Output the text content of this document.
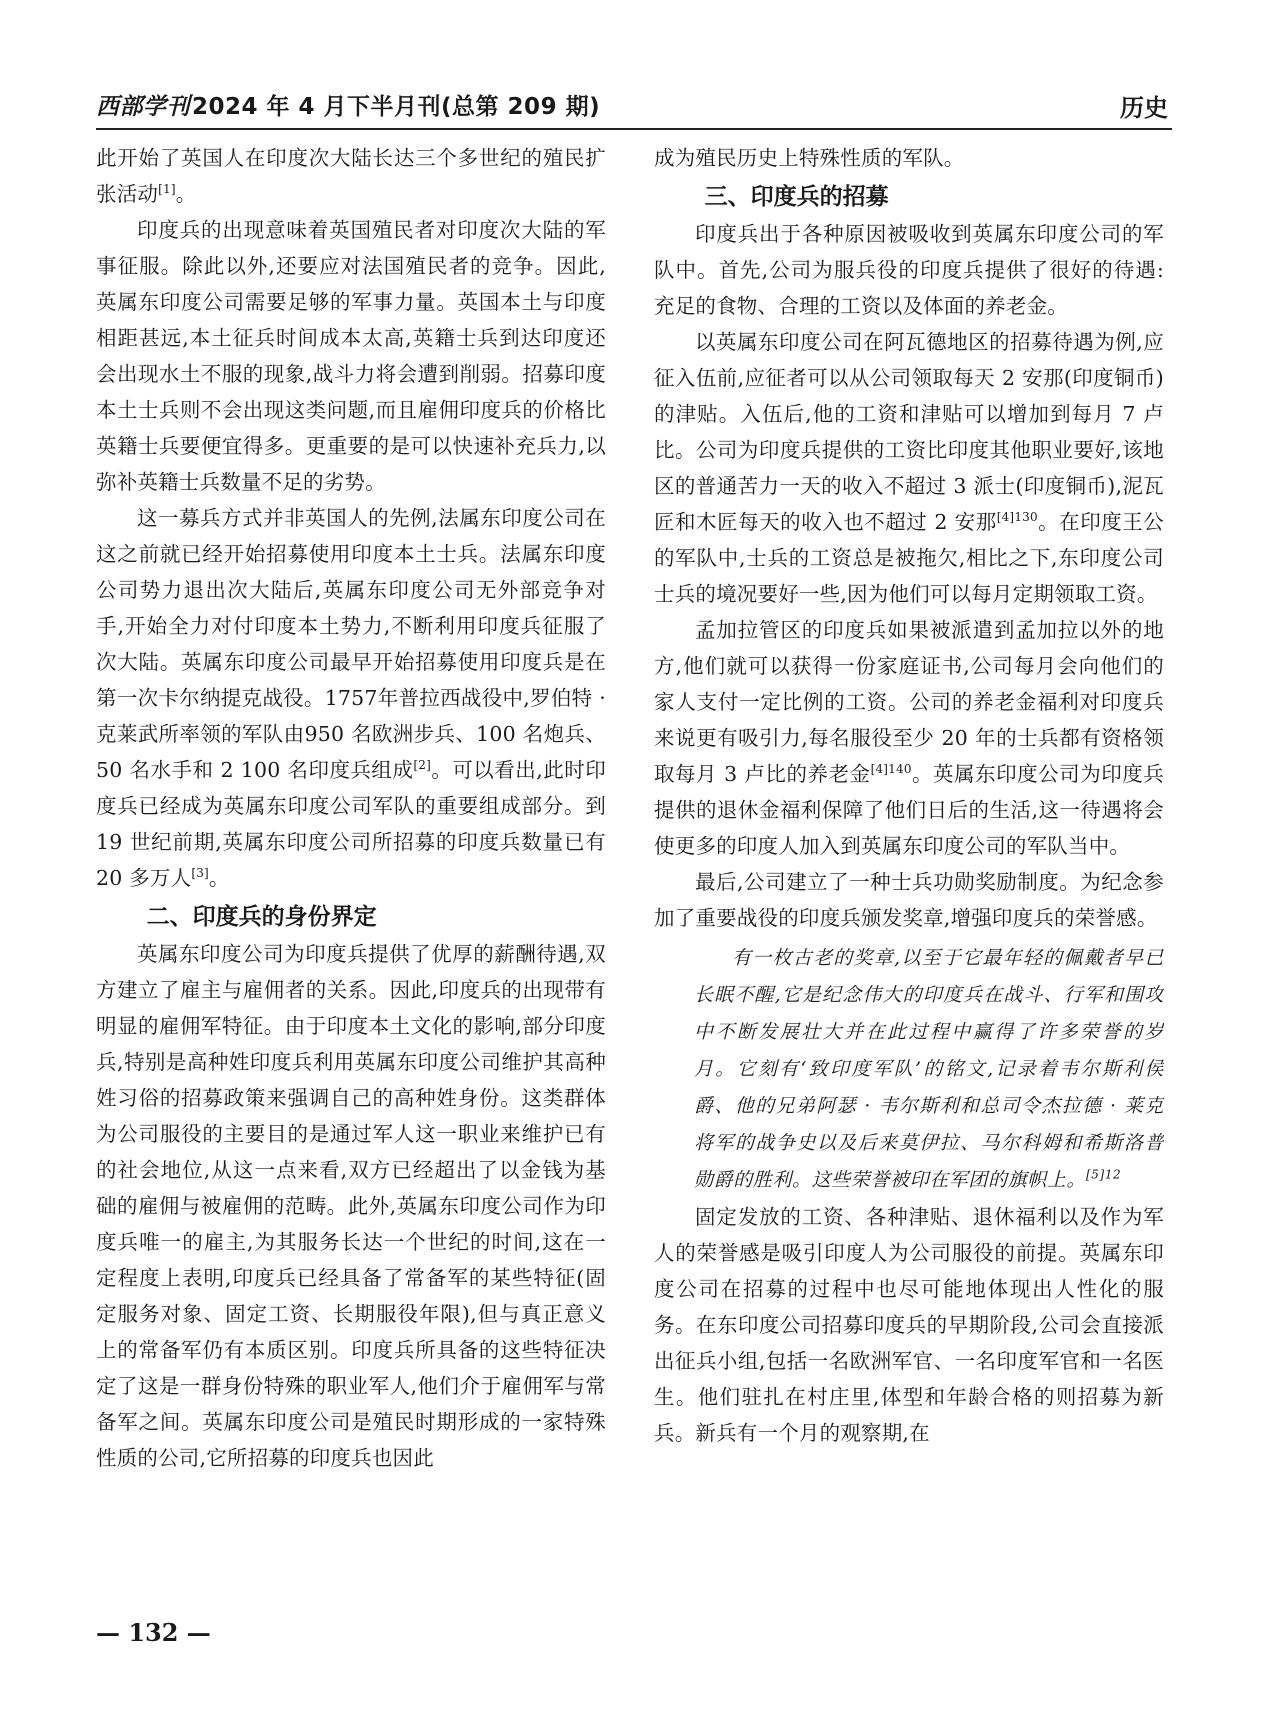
西部学刊2024 年 4 月下半月刊(总第 209 期)	历史

此开始了英国人在印度次大陆长达三个多世纪的殖民扩张活动[1]。

印度兵的出现意味着英国殖民者对印度次大陆的军事征服。除此以外,还要应对法国殖民者的竞争。因此,英属东印度公司需要足够的军事力量。英国本土与印度相距甚远,本土征兵时间成本太高,英籍士兵到达印度还会出现水土不服的现象,战斗力将会遭到削弱。招募印度本土士兵则不会出现这类问题,而且雇佣印度兵的价格比英籍士兵要便宜得多。更重要的是可以快速补充兵力,以弥补英籍士兵数量不足的劣势。

这一募兵方式并非英国人的先例,法属东印度公司在这之前就已经开始招募使用印度本土士兵。法属东印度公司势力退出次大陆后,英属东印度公司无外部竞争对手,开始全力对付印度本土势力,不断利用印度兵征服了次大陆。英属东印度公司最早开始招募使用印度兵是在第一次卡尔纳提克战役。1757年普拉西战役中,罗伯特 · 克莱武所率领的军队由950 名欧洲步兵、100 名炮兵、50 名水手和 2 100 名印度兵组成[2]。可以看出,此时印度兵已经成为英属东印度公司军队的重要组成部分。到 19 世纪前期,英属东印度公司所招募的印度兵数量已有 20 多万人[3]。

二、印度兵的身份界定

英属东印度公司为印度兵提供了优厚的薪酬待遇,双方建立了雇主与雇佣者的关系。因此,印度兵的出现带有明显的雇佣军特征。由于印度本土文化的影响,部分印度兵,特别是高种姓印度兵利用英属东印度公司维护其高种姓习俗的招募政策来强调自己的高种姓身份。这类群体为公司服役的主要目的是通过军人这一职业来维护已有的社会地位,从这一点来看,双方已经超出了以金钱为基础的雇佣与被雇佣的范畴。此外,英属东印度公司作为印度兵唯一的雇主,为其服务长达一个世纪的时间,这在一定程度上表明,印度兵已经具备了常备军的某些特征(固定服务对象、固定工资、长期服役年限),但与真正意义上的常备军仍有本质区别。印度兵所具备的这些特征决定了这是一群身份特殊的职业军人,他们介于雇佣军与常备军之间。英属东印度公司是殖民时期形成的一家特殊性质的公司,它所招募的印度兵也因此

成为殖民历史上特殊性质的军队。

三、印度兵的招募

印度兵出于各种原因被吸收到英属东印度公司的军队中。首先,公司为服兵役的印度兵提供了很好的待遇:充足的食物、合理的工资以及体面的养老金。

以英属东印度公司在阿瓦德地区的招募待遇为例,应征入伍前,应征者可以从公司领取每天 2 安那(印度铜币)的津贴。入伍后,他的工资和津贴可以增加到每月 7 卢比。公司为印度兵提供的工资比印度其他职业要好,该地区的普通苦力一天的收入不超过 3 派士(印度铜币),泥瓦匠和木匠每天的收入也不超过 2 安那$^{[4]130}$。在印度王公的军队中,士兵的工资总是被拖欠,相比之下,东印度公司士兵的境况要好一些,因为他们可以每月定期领取工资。

孟加拉管区的印度兵如果被派遣到孟加拉以外的地方,他们就可以获得一份家庭证书,公司每月会向他们的家人支付一定比例的工资。公司的养老金福利对印度兵来说更有吸引力,每名服役至少 20 年的士兵都有资格领取每月 3 卢比的养老金$^{[4]140}$。英属东印度公司为印度兵提供的退休金福利保障了他们日后的生活,这一待遇将会使更多的印度人加入到英属东印度公司的军队当中。

最后,公司建立了一种士兵功勋奖励制度。为纪念参加了重要战役的印度兵颁发奖章,增强印度兵的荣誉感。

有一枚古老的奖章,以至于它最年轻的佩戴者早已长眠不醒,它是纪念伟大的印度兵在战斗、行军和围攻中不断发展壮大并在此过程中赢得了许多荣誉的岁月。它刻有‘致印度军队’的铭文,记录着韦尔斯利侯爵、他的兄弟阿瑟 · 韦尔斯利和总司令杰拉德 · 莱克将军的战争史以及后来莫伊拉、马尔科姆和希斯洛普勋爵的胜利。这些荣誉被印在军团的旗帜上。$^{[5]12}$

固定发放的工资、各种津贴、退休福利以及作为军人的荣誉感是吸引印度人为公司服役的前提。英属东印度公司在招募的过程中也尽可能地体现出人性化的服务。在东印度公司招募印度兵的早期阶段,公司会直接派出征兵小组,包括一名欧洲军官、一名印度军官和一名医生。他们驻扎在村庄里,体型和年龄合格的则招募为新兵。新兵有一个月的观察期,在

— 132 —
